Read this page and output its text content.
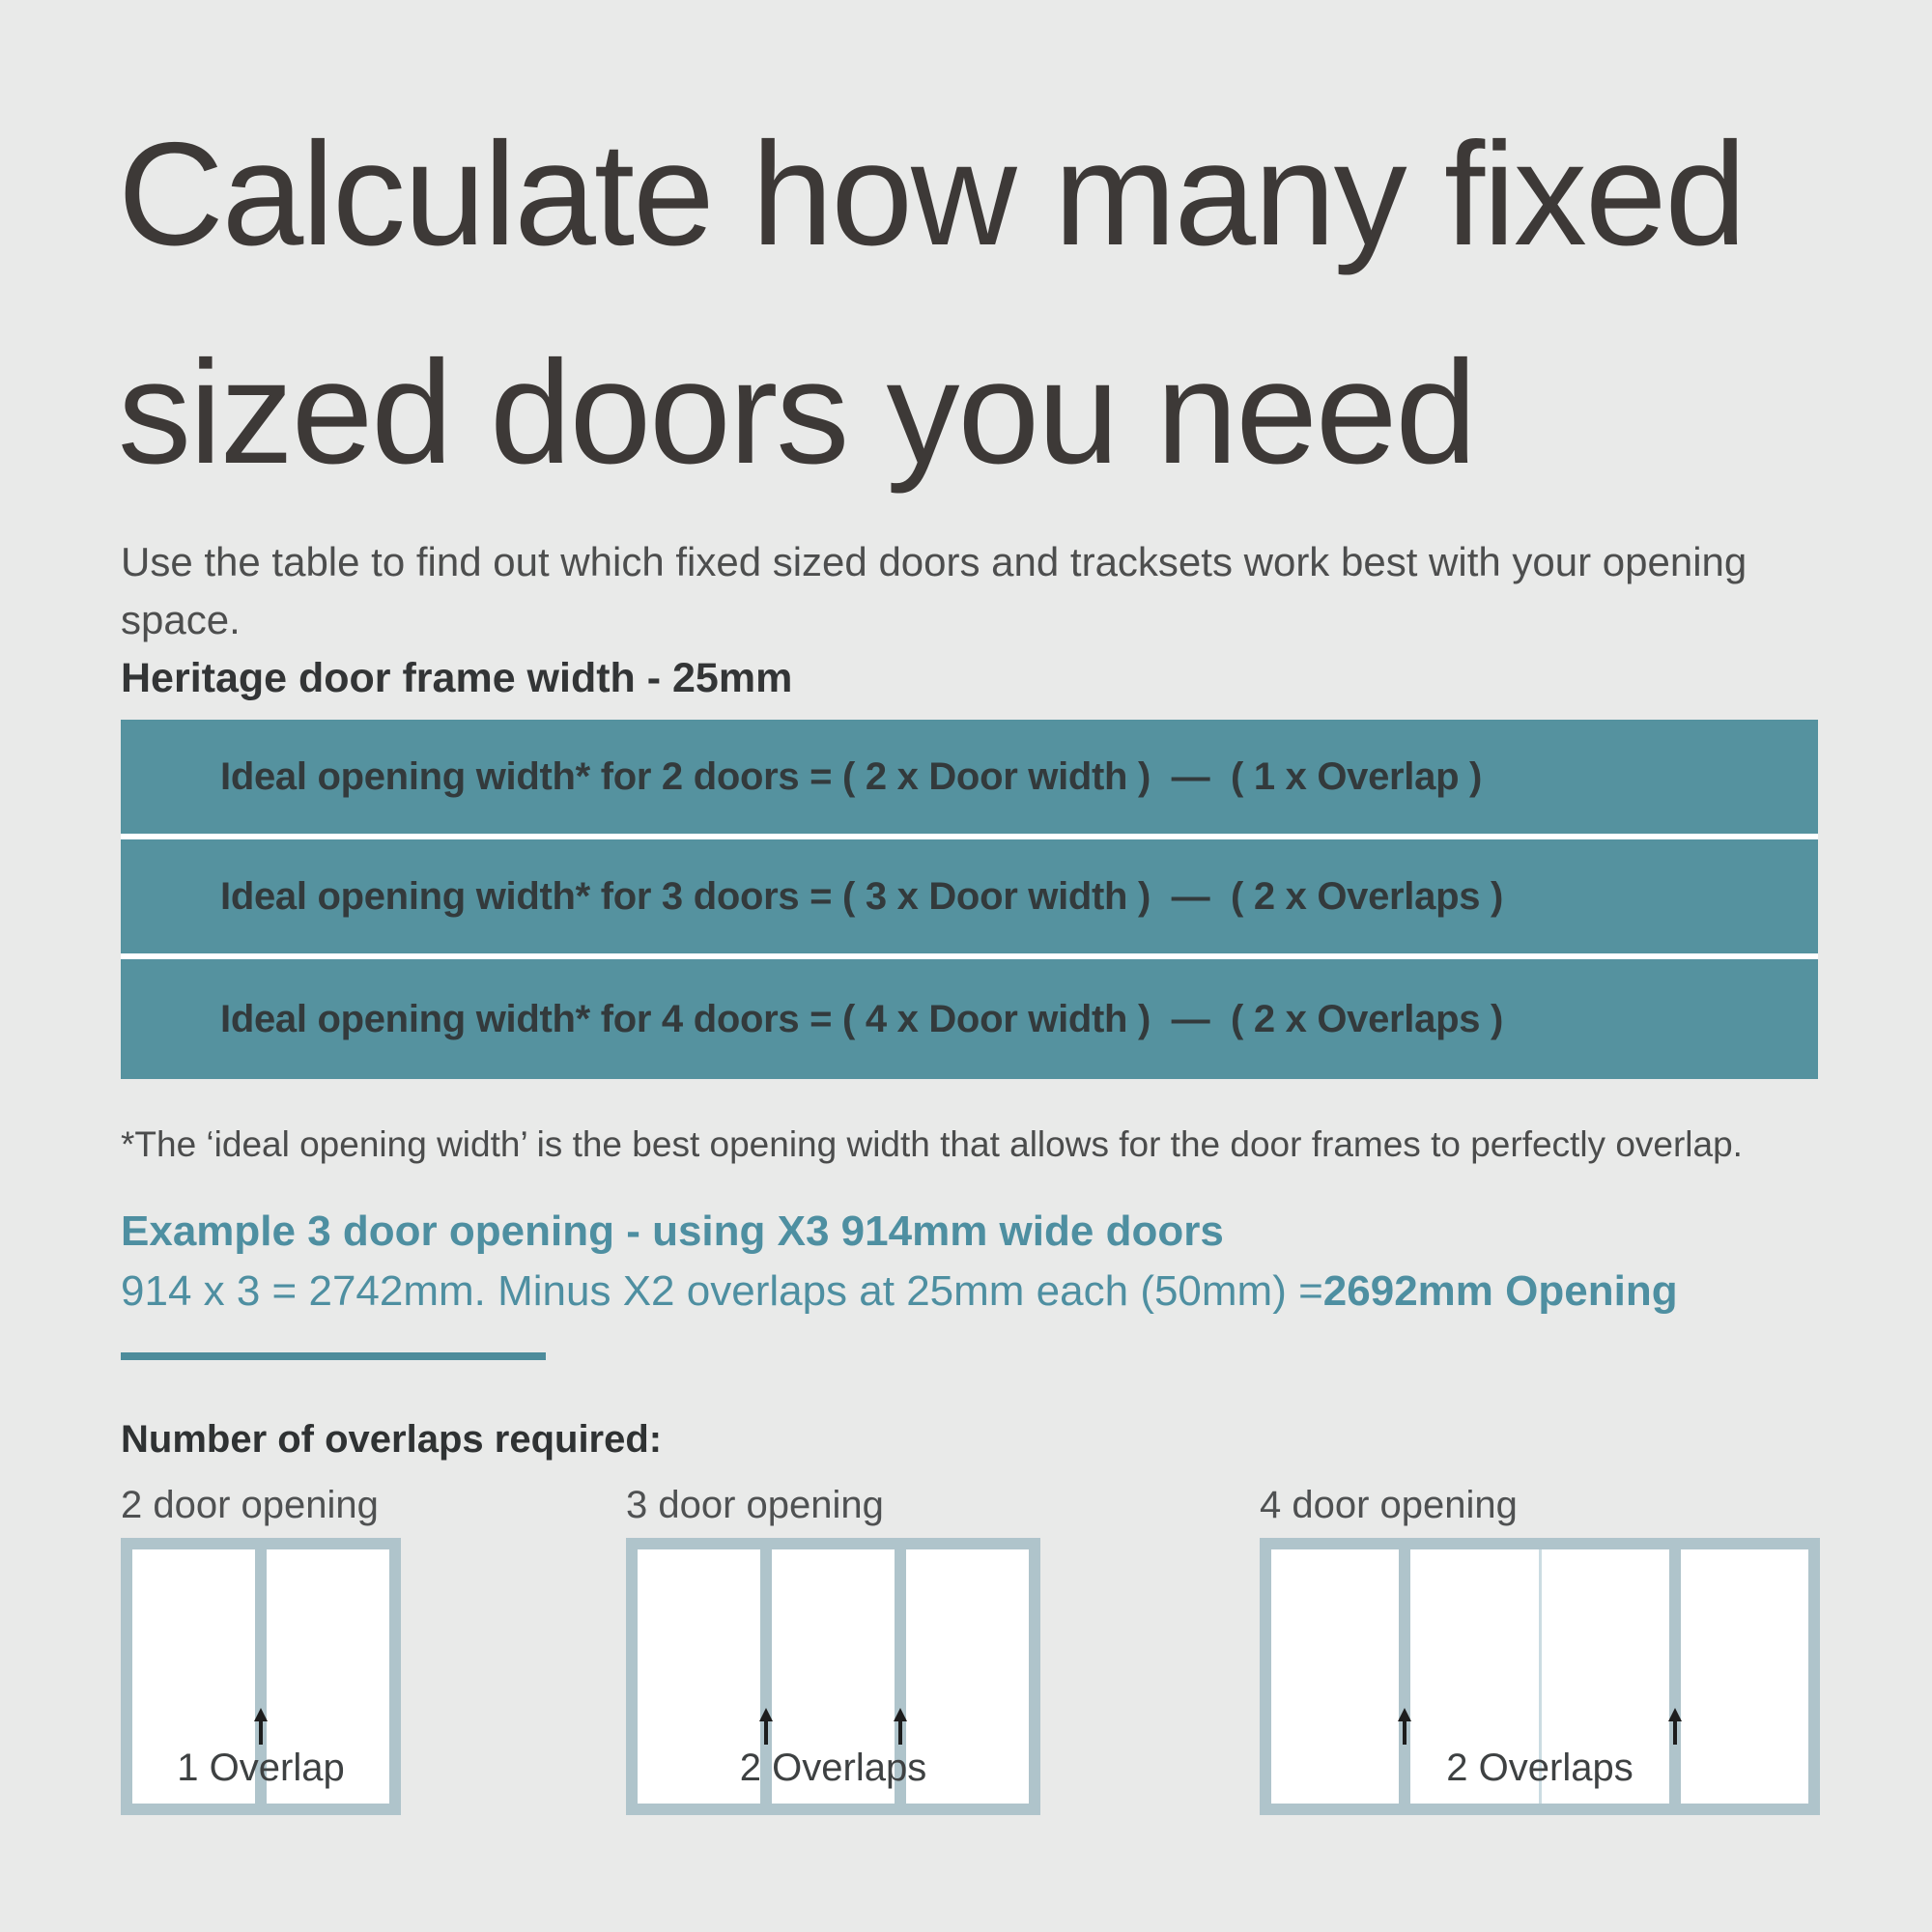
Calculate how many fixed
sized doors you need

Use the table to find out which fixed sized doors and tracksets work best with your opening space.

Heritage door frame width - 25mm

Ideal opening width* for 2 doors = ( 2 x Door width )  —  ( 1 x Overlap )
Ideal opening width* for 3 doors = ( 3 x Door width )  —  ( 2 x Overlaps )
Ideal opening width* for 4 doors = ( 4 x Door width )  —  ( 2 x Overlaps )

*The ‘ideal opening width’ is the best opening width that allows for the door frames to perfectly overlap.

Example 3 door opening - using X3 914mm wide doors

914 x 3 = 2742mm. Minus X2 overlaps at 25mm each (50mm) =2692mm Opening

Number of overlaps required:

2 door opening	3 door opening	4 door opening

1 Overlap	2 Overlaps	2 Overlaps
